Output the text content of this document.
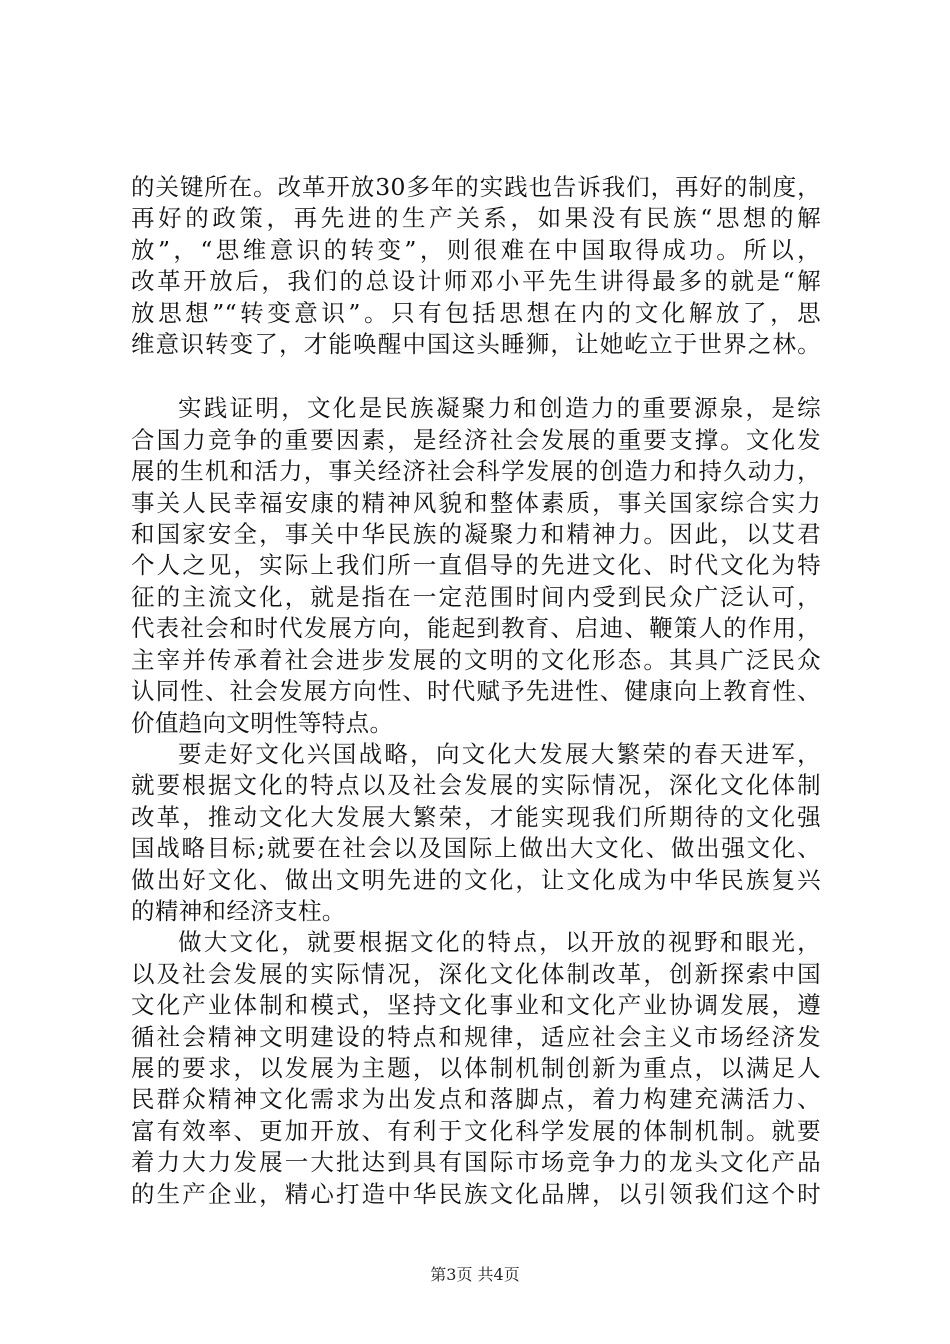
的关键所在。改革开放30多年的实践也告诉我们，再好的制度，
再好的政策，再先进的生产关系，如果没有民族“思想的解
放”，“思维意识的转变”，则很难在中国取得成功。所以，
改革开放后，我们的总设计师邓小平先生讲得最多的就是“解
放思想”“转变意识”。只有包括思想在内的文化解放了，思
维意识转变了，才能唤醒中国这头睡狮，让她屹立于世界之林。
实践证明，文化是民族凝聚力和创造力的重要源泉，是综
合国力竞争的重要因素，是经济社会发展的重要支撑。文化发
展的生机和活力，事关经济社会科学发展的创造力和持久动力，
事关人民幸福安康的精神风貌和整体素质，事关国家综合实力
和国家安全，事关中华民族的凝聚力和精神力。因此，以艾君
个人之见，实际上我们所一直倡导的先进文化、时代文化为特
征的主流文化，就是指在一定范围时间内受到民众广泛认可，
代表社会和时代发展方向，能起到教育、启迪、鞭策人的作用，
主宰并传承着社会进步发展的文明的文化形态。其具广泛民众
认同性、社会发展方向性、时代赋予先进性、健康向上教育性、
价值趋向文明性等特点。
要走好文化兴国战略，向文化大发展大繁荣的春天进军，
就要根据文化的特点以及社会发展的实际情况，深化文化体制
改革，推动文化大发展大繁荣，才能实现我们所期待的文化强
国战略目标;就要在社会以及国际上做出大文化、做出强文化、
做出好文化、做出文明先进的文化，让文化成为中华民族复兴
的精神和经济支柱。
做大文化，就要根据文化的特点，以开放的视野和眼光，
以及社会发展的实际情况，深化文化体制改革，创新探索中国
文化产业体制和模式，坚持文化事业和文化产业协调发展，遵
循社会精神文明建设的特点和规律，适应社会主义市场经济发
展的要求，以发展为主题，以体制机制创新为重点，以满足人
民群众精神文化需求为出发点和落脚点，着力构建充满活力、
富有效率、更加开放、有利于文化科学发展的体制机制。就要
着力大力发展一大批达到具有国际市场竞争力的龙头文化产品
的生产企业，精心打造中华民族文化品牌，以引领我们这个时
第3页 共4页
